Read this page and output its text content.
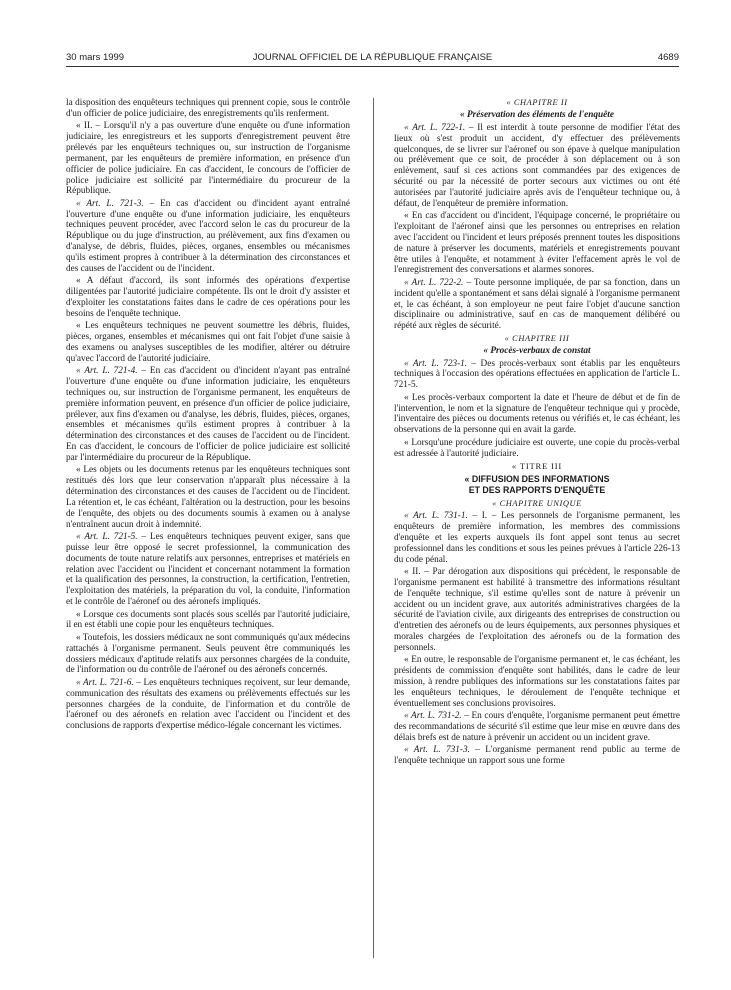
30 mars 1999	JOURNAL OFFICIEL DE LA RÉPUBLIQUE FRANÇAISE	4689

la disposition des enquêteurs techniques qui prennent copie, sous le contrôle d'un officier de police judiciaire, des enregistrements qu'ils renferment.

« II. – Lorsqu'il n'y a pas ouverture d'une enquête ou d'une information judiciaire, les enregistreurs et les supports d'enregistrement peuvent être prélevés par les enquêteurs techniques ou, sur instruction de l'organisme permanent, par les enquêteurs de première information, en présence d'un officier de police judiciaire. En cas d'accident, le concours de l'officier de police judiciaire est sollicité par l'intermédiaire du procureur de la République.

« Art. L. 721-3. – En cas d'accident ou d'incident ayant entraîné l'ouverture d'une enquête ou d'une information judiciaire, les enquêteurs techniques peuvent procéder, avec l'accord selon le cas du procureur de la République ou du juge d'instruction, au prélèvement, aux fins d'examen ou d'analyse, de débris, fluides, pièces, organes, ensembles ou mécanismes qu'ils estiment propres à contribuer à la détermination des circonstances et des causes de l'accident ou de l'incident.

« A défaut d'accord, ils sont informés des opérations d'expertise diligentées par l'autorité judiciaire compétente. Ils ont le droit d'y assister et d'exploiter les constatations faites dans le cadre de ces opérations pour les besoins de l'enquête technique.

« Les enquêteurs techniques ne peuvent soumettre les débris, fluides, pièces, organes, ensembles et mécanismes qui ont fait l'objet d'une saisie à des examens ou analyses susceptibles de les modifier, altérer ou détruire qu'avec l'accord de l'autorité judiciaire.

« Art. L. 721-4. – En cas d'accident ou d'incident n'ayant pas entraîné l'ouverture d'une enquête ou d'une information judiciaire, les enquêteurs techniques ou, sur instruction de l'organisme permanent, les enquêteurs de première information peuvent, en présence d'un officier de police judiciaire, prélever, aux fins d'examen ou d'analyse, les débris, fluides, pièces, organes, ensembles et mécanismes qu'ils estiment propres à contribuer à la détermination des circonstances et des causes de l'accident ou de l'incident. En cas d'accident, le concours de l'officier de police judiciaire est sollicité par l'intermédiaire du procureur de la République.

« Les objets ou les documents retenus par les enquêteurs techniques sont restitués dès lors que leur conservation n'apparaît plus nécessaire à la détermination des circonstances et des causes de l'accident ou de l'incident. La rétention et, le cas échéant, l'altération ou la destruction, pour les besoins de l'enquête, des objets ou des documents soumis à examen ou à analyse n'entraînent aucun droit à indemnité.

« Art. L. 721-5. – Les enquêteurs techniques peuvent exiger, sans que puisse leur être opposé le secret professionnel, la communication des documents de toute nature relatifs aux personnes, entreprises et matériels en relation avec l'accident ou l'incident et concernant notamment la formation et la qualification des personnes, la construction, la certification, l'entretien, l'exploitation des matériels, la préparation du vol, la conduite, l'information et le contrôle de l'aéronef ou des aéronefs impliqués.

« Lorsque ces documents sont placés sous scellés par l'autorité judiciaire, il en est établi une copie pour les enquêteurs techniques.

« Toutefois, les dossiers médicaux ne sont communiqués qu'aux médecins rattachés à l'organisme permanent. Seuls peuvent être communiqués les dossiers médicaux d'aptitude relatifs aux personnes chargées de la conduite, de l'information ou du contrôle de l'aéronef ou des aéronefs concernés.

« Art. L. 721-6. – Les enquêteurs techniques reçoivent, sur leur demande, communication des résultats des examens ou prélèvements effectués sur les personnes chargées de la conduite, de l'information et du contrôle de l'aéronef ou des aéronefs en relation avec l'accident ou l'incident et des conclusions de rapports d'expertise médico-légale concernant les victimes.

« CHAPITRE II

« Préservation des éléments de l'enquête

« Art. L. 722-1. – Il est interdit à toute personne de modifier l'état des lieux où s'est produit un accident, d'y effectuer des prélèvements quelconques, de se livrer sur l'aéronef ou son épave à quelque manipulation ou prélèvement que ce soit, de procéder à son déplacement ou à son enlèvement, sauf si ces actions sont commandées par des exigences de sécurité ou par la nécessité de porter secours aux victimes ou ont été autorisées par l'autorité judiciaire après avis de l'enquêteur technique ou, à défaut, de l'enquêteur de première information.

« En cas d'accident ou d'incident, l'équipage concerné, le propriétaire ou l'exploitant de l'aéronef ainsi que les personnes ou entreprises en relation avec l'accident ou l'incident et leurs préposés prennent toutes les dispositions de nature à préserver les documents, matériels et enregistrements pouvant être utiles à l'enquête, et notamment à éviter l'effacement après le vol de l'enregistrement des conversations et alarmes sonores.

« Art. L. 722-2. – Toute personne impliquée, de par sa fonction, dans un incident qu'elle a spontanément et sans délai signalé à l'organisme permanent et, le cas échéant, à son employeur ne peut faire l'objet d'aucune sanction disciplinaire ou administrative, sauf en cas de manquement délibéré ou répété aux règles de sécurité.

« CHAPITRE III

« Procès-verbaux de constat

« Art. L. 723-1. – Des procès-verbaux sont établis par les enquêteurs techniques à l'occasion des opérations effectuées en application de l'article L. 721-5.

« Les procès-verbaux comportent la date et l'heure de début et de fin de l'intervention, le nom et la signature de l'enquêteur technique qui y procède, l'inventaire des pièces ou documents retenus ou vérifiés et, le cas échéant, les observations de la personne qui en avait la garde.

« Lorsqu'une procédure judiciaire est ouverte, une copie du procès-verbal est adressée à l'autorité judiciaire.

« TITRE III

« DIFFUSION DES INFORMATIONS
ET DES RAPPORTS D'ENQUÊTE

« CHAPITRE UNIQUE

« Art. L. 731-1. – I. – Les personnels de l'organisme permanent, les enquêteurs de première information, les membres des commissions d'enquête et les experts auxquels ils font appel sont tenus au secret professionnel dans les conditions et sous les peines prévues à l'article 226-13 du code pénal.

« II. – Par dérogation aux dispositions qui précèdent, le responsable de l'organisme permanent est habilité à transmettre des informations résultant de l'enquête technique, s'il estime qu'elles sont de nature à prévenir un accident ou un incident grave, aux autorités administratives chargées de la sécurité de l'aviation civile, aux dirigeants des entreprises de construction ou d'entretien des aéronefs ou de leurs équipements, aux personnes physiques et morales chargées de l'exploitation des aéronefs ou de la formation des personnels.

« En outre, le responsable de l'organisme permanent et, le cas échéant, les présidents de commission d'enquête sont habilités, dans le cadre de leur mission, à rendre publiques des informations sur les constatations faites par les enquêteurs techniques, le déroulement de l'enquête technique et éventuellement ses conclusions provisoires.

« Art. L. 731-2. – En cours d'enquête, l'organisme permanent peut émettre des recommandations de sécurité s'il estime que leur mise en œuvre dans des délais brefs est de nature à prévenir un accident ou un incident grave.

« Art. L. 731-3. – L'organisme permanent rend public au terme de l'enquête technique un rapport sous une forme
